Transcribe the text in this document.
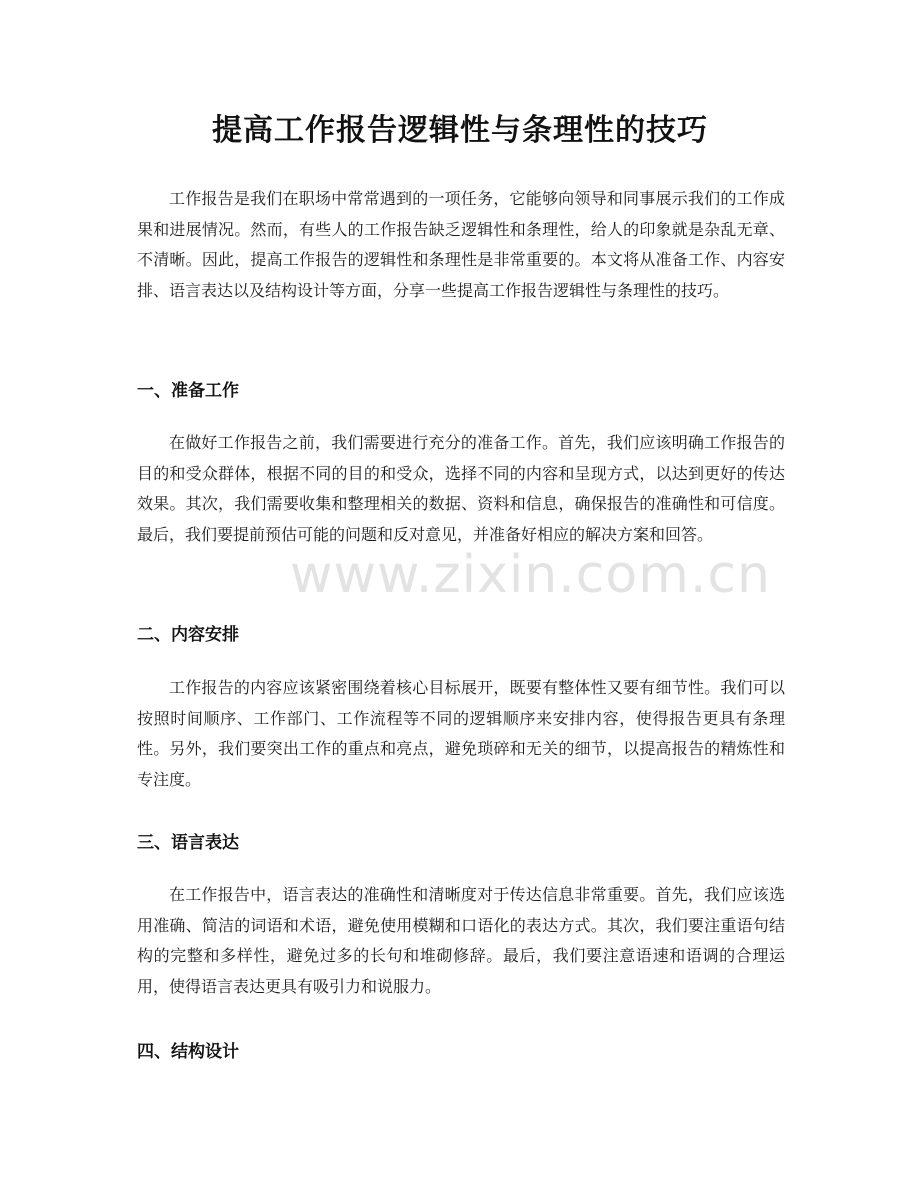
www.zixin.com.cn
提高工作报告逻辑性与条理性的技巧

工作报告是我们在职场中常常遇到的一项任务，它能够向领导和同事展示我们的工作成果和进展情况。然而，有些人的工作报告缺乏逻辑性和条理性，给人的印象就是杂乱无章、不清晰。因此，提高工作报告的逻辑性和条理性是非常重要的。本文将从准备工作、内容安排、语言表达以及结构设计等方面，分享一些提高工作报告逻辑性与条理性的技巧。

一、准备工作

在做好工作报告之前，我们需要进行充分的准备工作。首先，我们应该明确工作报告的目的和受众群体，根据不同的目的和受众，选择不同的内容和呈现方式，以达到更好的传达效果。其次，我们需要收集和整理相关的数据、资料和信息，确保报告的准确性和可信度。最后，我们要提前预估可能的问题和反对意见，并准备好相应的解决方案和回答。

二、内容安排

工作报告的内容应该紧密围绕着核心目标展开，既要有整体性又要有细节性。我们可以按照时间顺序、工作部门、工作流程等不同的逻辑顺序来安排内容，使得报告更具有条理性。另外，我们要突出工作的重点和亮点，避免琐碎和无关的细节，以提高报告的精炼性和专注度。

三、语言表达

在工作报告中，语言表达的准确性和清晰度对于传达信息非常重要。首先，我们应该选用准确、简洁的词语和术语，避免使用模糊和口语化的表达方式。其次，我们要注重语句结构的完整和多样性，避免过多的长句和堆砌修辞。最后，我们要注意语速和语调的合理运用，使得语言表达更具有吸引力和说服力。

四、结构设计
